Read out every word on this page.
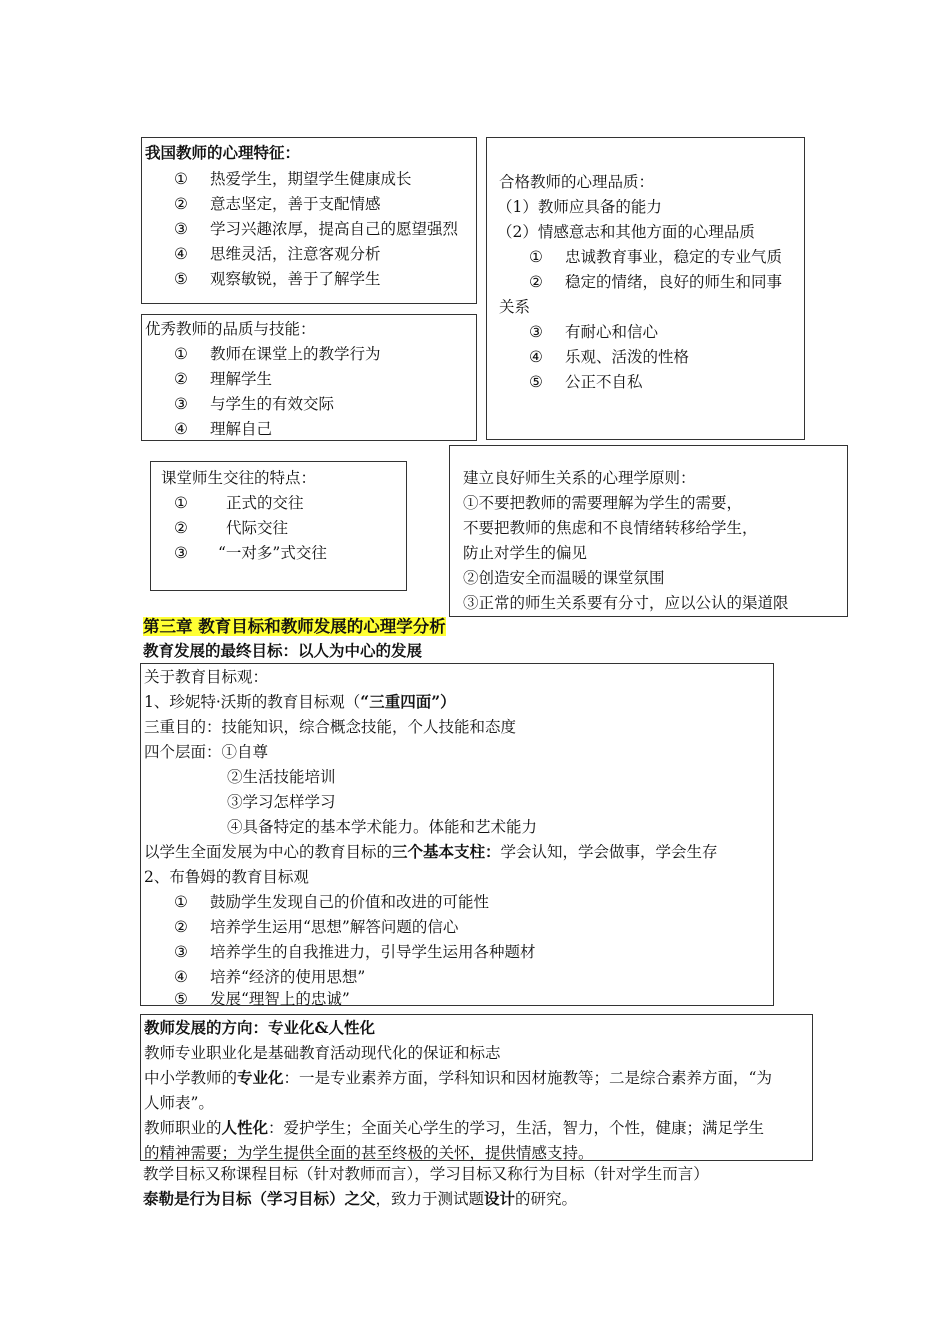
我国教师的心理特征：
① 热爱学生，期望学生健康成长
② 意志坚定，善于支配情感
③ 学习兴趣浓厚，提高自己的愿望强烈
④ 思维灵活，注意客观分析
⑤ 观察敏锐，善于了解学生
合格教师的心理品质：
（1）教师应具备的能力
（2）情感意志和其他方面的心理品质
① 忠诚教育事业，稳定的专业气质
② 稳定的情绪，良好的师生和同事
关系
③ 有耐心和信心
④ 乐观、活泼的性格
⑤ 公正不自私
优秀教师的品质与技能：
① 教师在课堂上的教学行为
② 理解学生
③ 与学生的有效交际
④ 理解自己
课堂师生交往的特点：
① 正式的交往
② 代际交往
③ “一对多”式交往
建立良好师生关系的心理学原则：
①不要把教师的需要理解为学生的需要，
不要把教师的焦虑和不良情绪转移给学生，
防止对学生的偏见
②创造安全而温暖的课堂氛围
③正常的师生关系要有分寸，应以公认的渠道限
第三章 教育目标和教师发展的心理学分析
教育发展的最终目标：以人为中心的发展
关于教育目标观：
1、珍妮特·沃斯的教育目标观（“三重四面”）
三重目的：技能知识，综合概念技能，个人技能和态度
四个层面：①自尊
②生活技能培训
③学习怎样学习
④具备特定的基本学术能力。体能和艺术能力
以学生全面发展为中心的教育目标的三个基本支柱：学会认知，学会做事，学会生存
2、布鲁姆的教育目标观
① 鼓励学生发现自己的价值和改进的可能性
② 培养学生运用“思想”解答问题的信心
③ 培养学生的自我推进力，引导学生运用各种题材
④ 培养“经济的使用思想”
⑤ 发展“理智上的忠诚”
教师发展的方向：专业化&人性化
教师专业职业化是基础教育活动现代化的保证和标志
中小学教师的专业化：一是专业素养方面，学科知识和因材施教等；二是综合素养方面，“为
人师表”。
教师职业的人性化：爱护学生；全面关心学生的学习，生活，智力，个性，健康；满足学生
的精神需要；为学生提供全面的甚至终极的关怀，提供情感支持。
教学目标又称课程目标（针对教师而言），学习目标又称行为目标（针对学生而言）
泰勒是行为目标（学习目标）之父，致力于测试题设计的研究。
